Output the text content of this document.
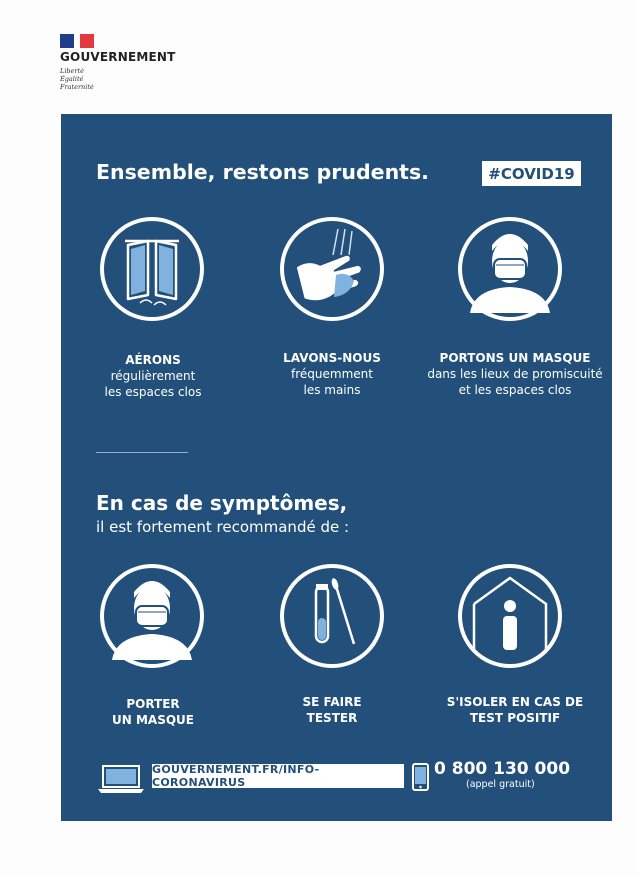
GOUVERNEMENT
Liberté
Égalité
Fraternité
Ensemble, restons prudents.	#COVID19
AÉRONS
régulièrement
les espaces clos
LAVONS-NOUS
fréquemment
les mains
PORTONS UN MASQUE
dans les lieux de promiscuité
et les espaces clos
En cas de symptômes,
il est fortement recommandé de :
PORTER
UN MASQUE
SE FAIRE
TESTER
S'ISOLER EN CAS DE
TEST POSITIF
GOUVERNEMENT.FR/INFO-CORONAVIRUS
0 800 130 000
(appel gratuit)
